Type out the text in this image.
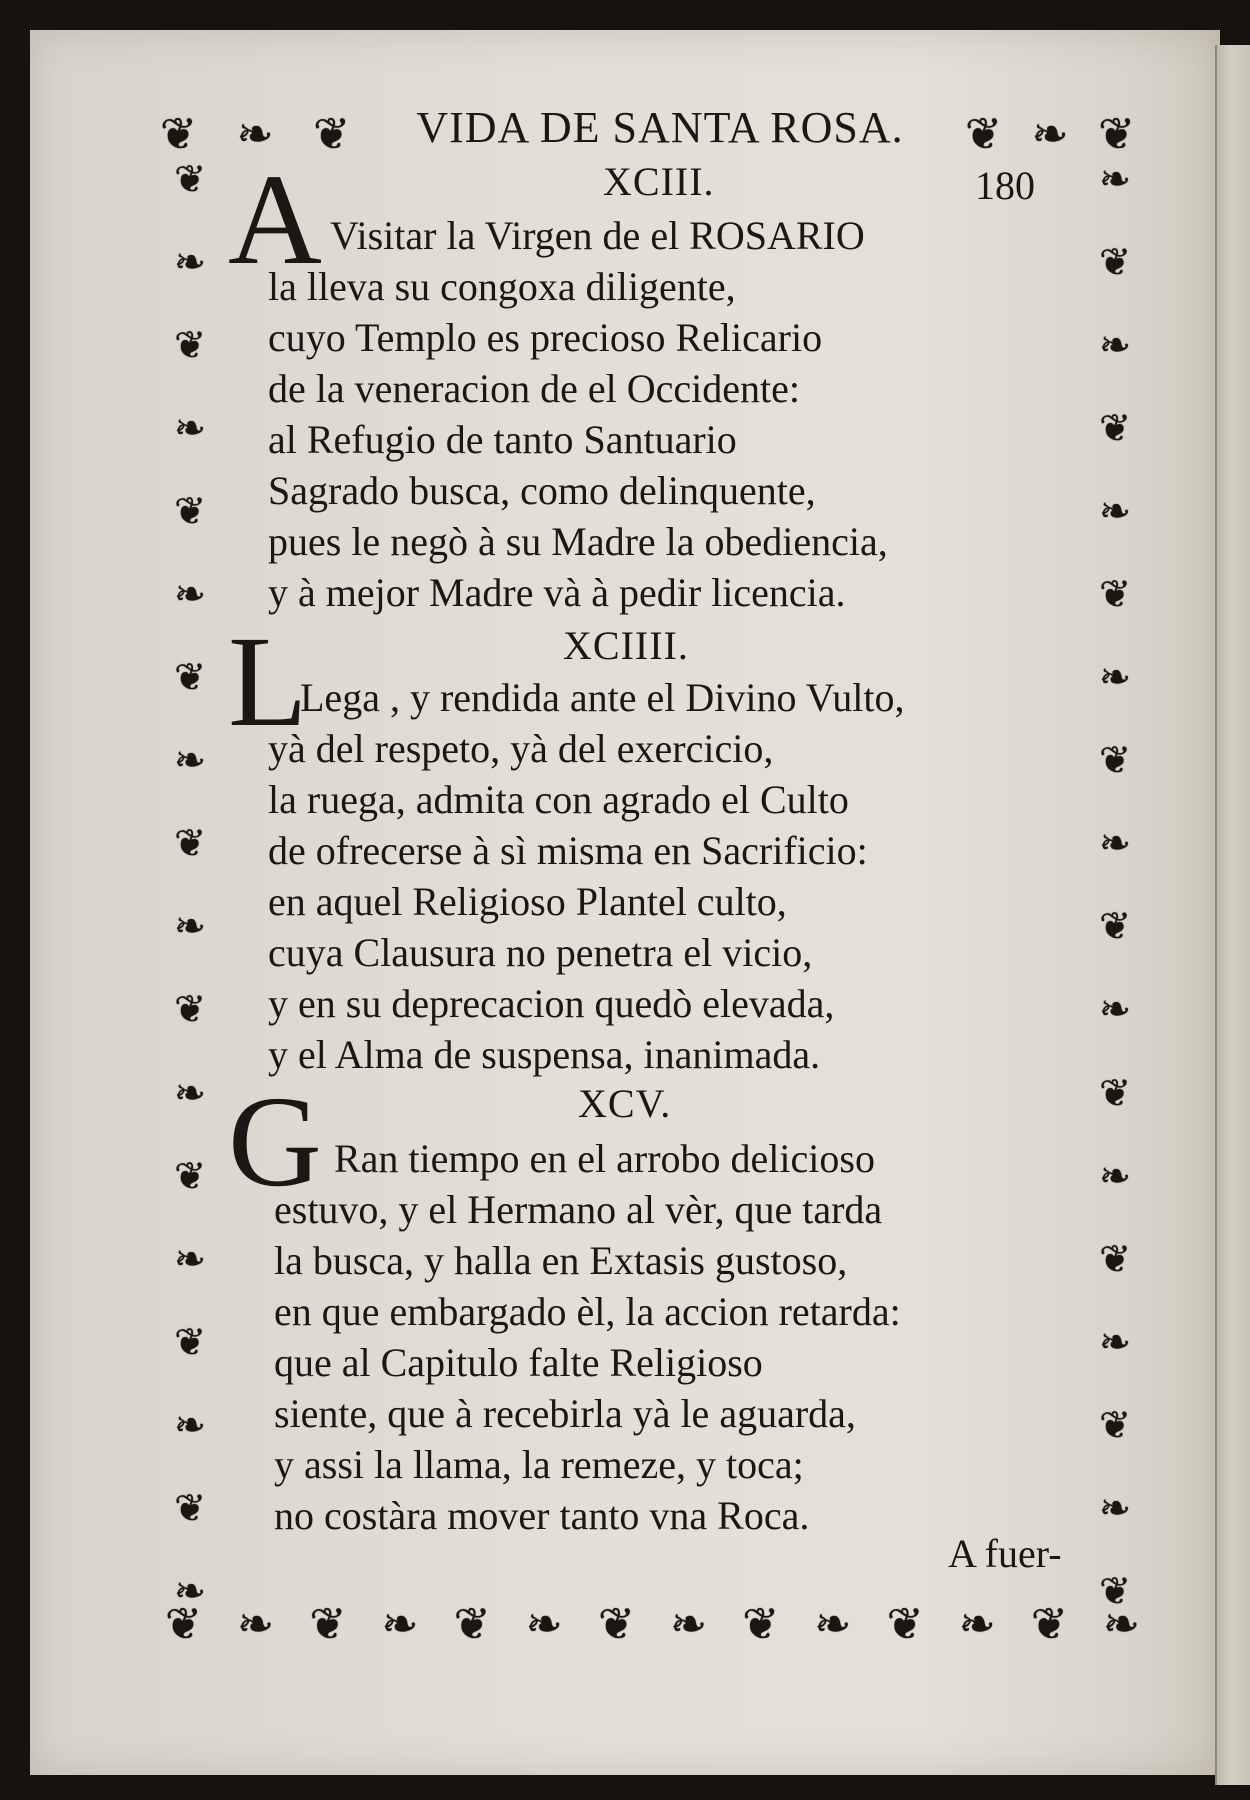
❦ ❧ ❦	❦ ❧ ❦
❦ ❧ ❦ ❧ ❦ ❧ ❦ ❧ ❦ ❧ ❦ ❧ ❦ ❧
❦
❧
❦
❧
❦
❧
❦
❧
❦
❧
❦
❧
❦
❧
❦
❧
❦
❧
❧
❦
❧
❦
❧
❦
❧
❦
❧
❦
❧
❦
❧
❦
❧
❦
❧
❦
VIDA DE SANTA ROSA.
180
XCIII.
A Visitar la Virgen de el ROSARIO
la lleva su congoxa diligente,
cuyo Templo es precioso Relicario
de la veneracion de el Occidente:
al Refugio de tanto Santuario
Sagrado busca, como delinquente,
pues le negò à su Madre la obediencia,
y à mejor Madre và à pedir licencia.
XCIIII.
L
Lega , y rendida ante el Divino Vulto,
yà del respeto, yà del exercicio,
la ruega, admita con agrado el Culto
de ofrecerse à sì misma en Sacrificio:
en aquel Religioso Plantel culto,
cuya Clausura no penetra el vicio,
y en su deprecacion quedò elevada,
y el Alma de suspensa, inanimada.
XCV.
G Ran tiempo en el arrobo delicioso
estuvo, y el Hermano al vèr, que tarda
la busca, y halla en Extasis gustoso,
en que embargado èl, la accion retarda:
que al Capitulo falte Religioso
siente, que à recebirla yà le aguarda,
y assi la llama, la remeze, y toca;
no costàra mover tanto vna Roca.
A fuer-
